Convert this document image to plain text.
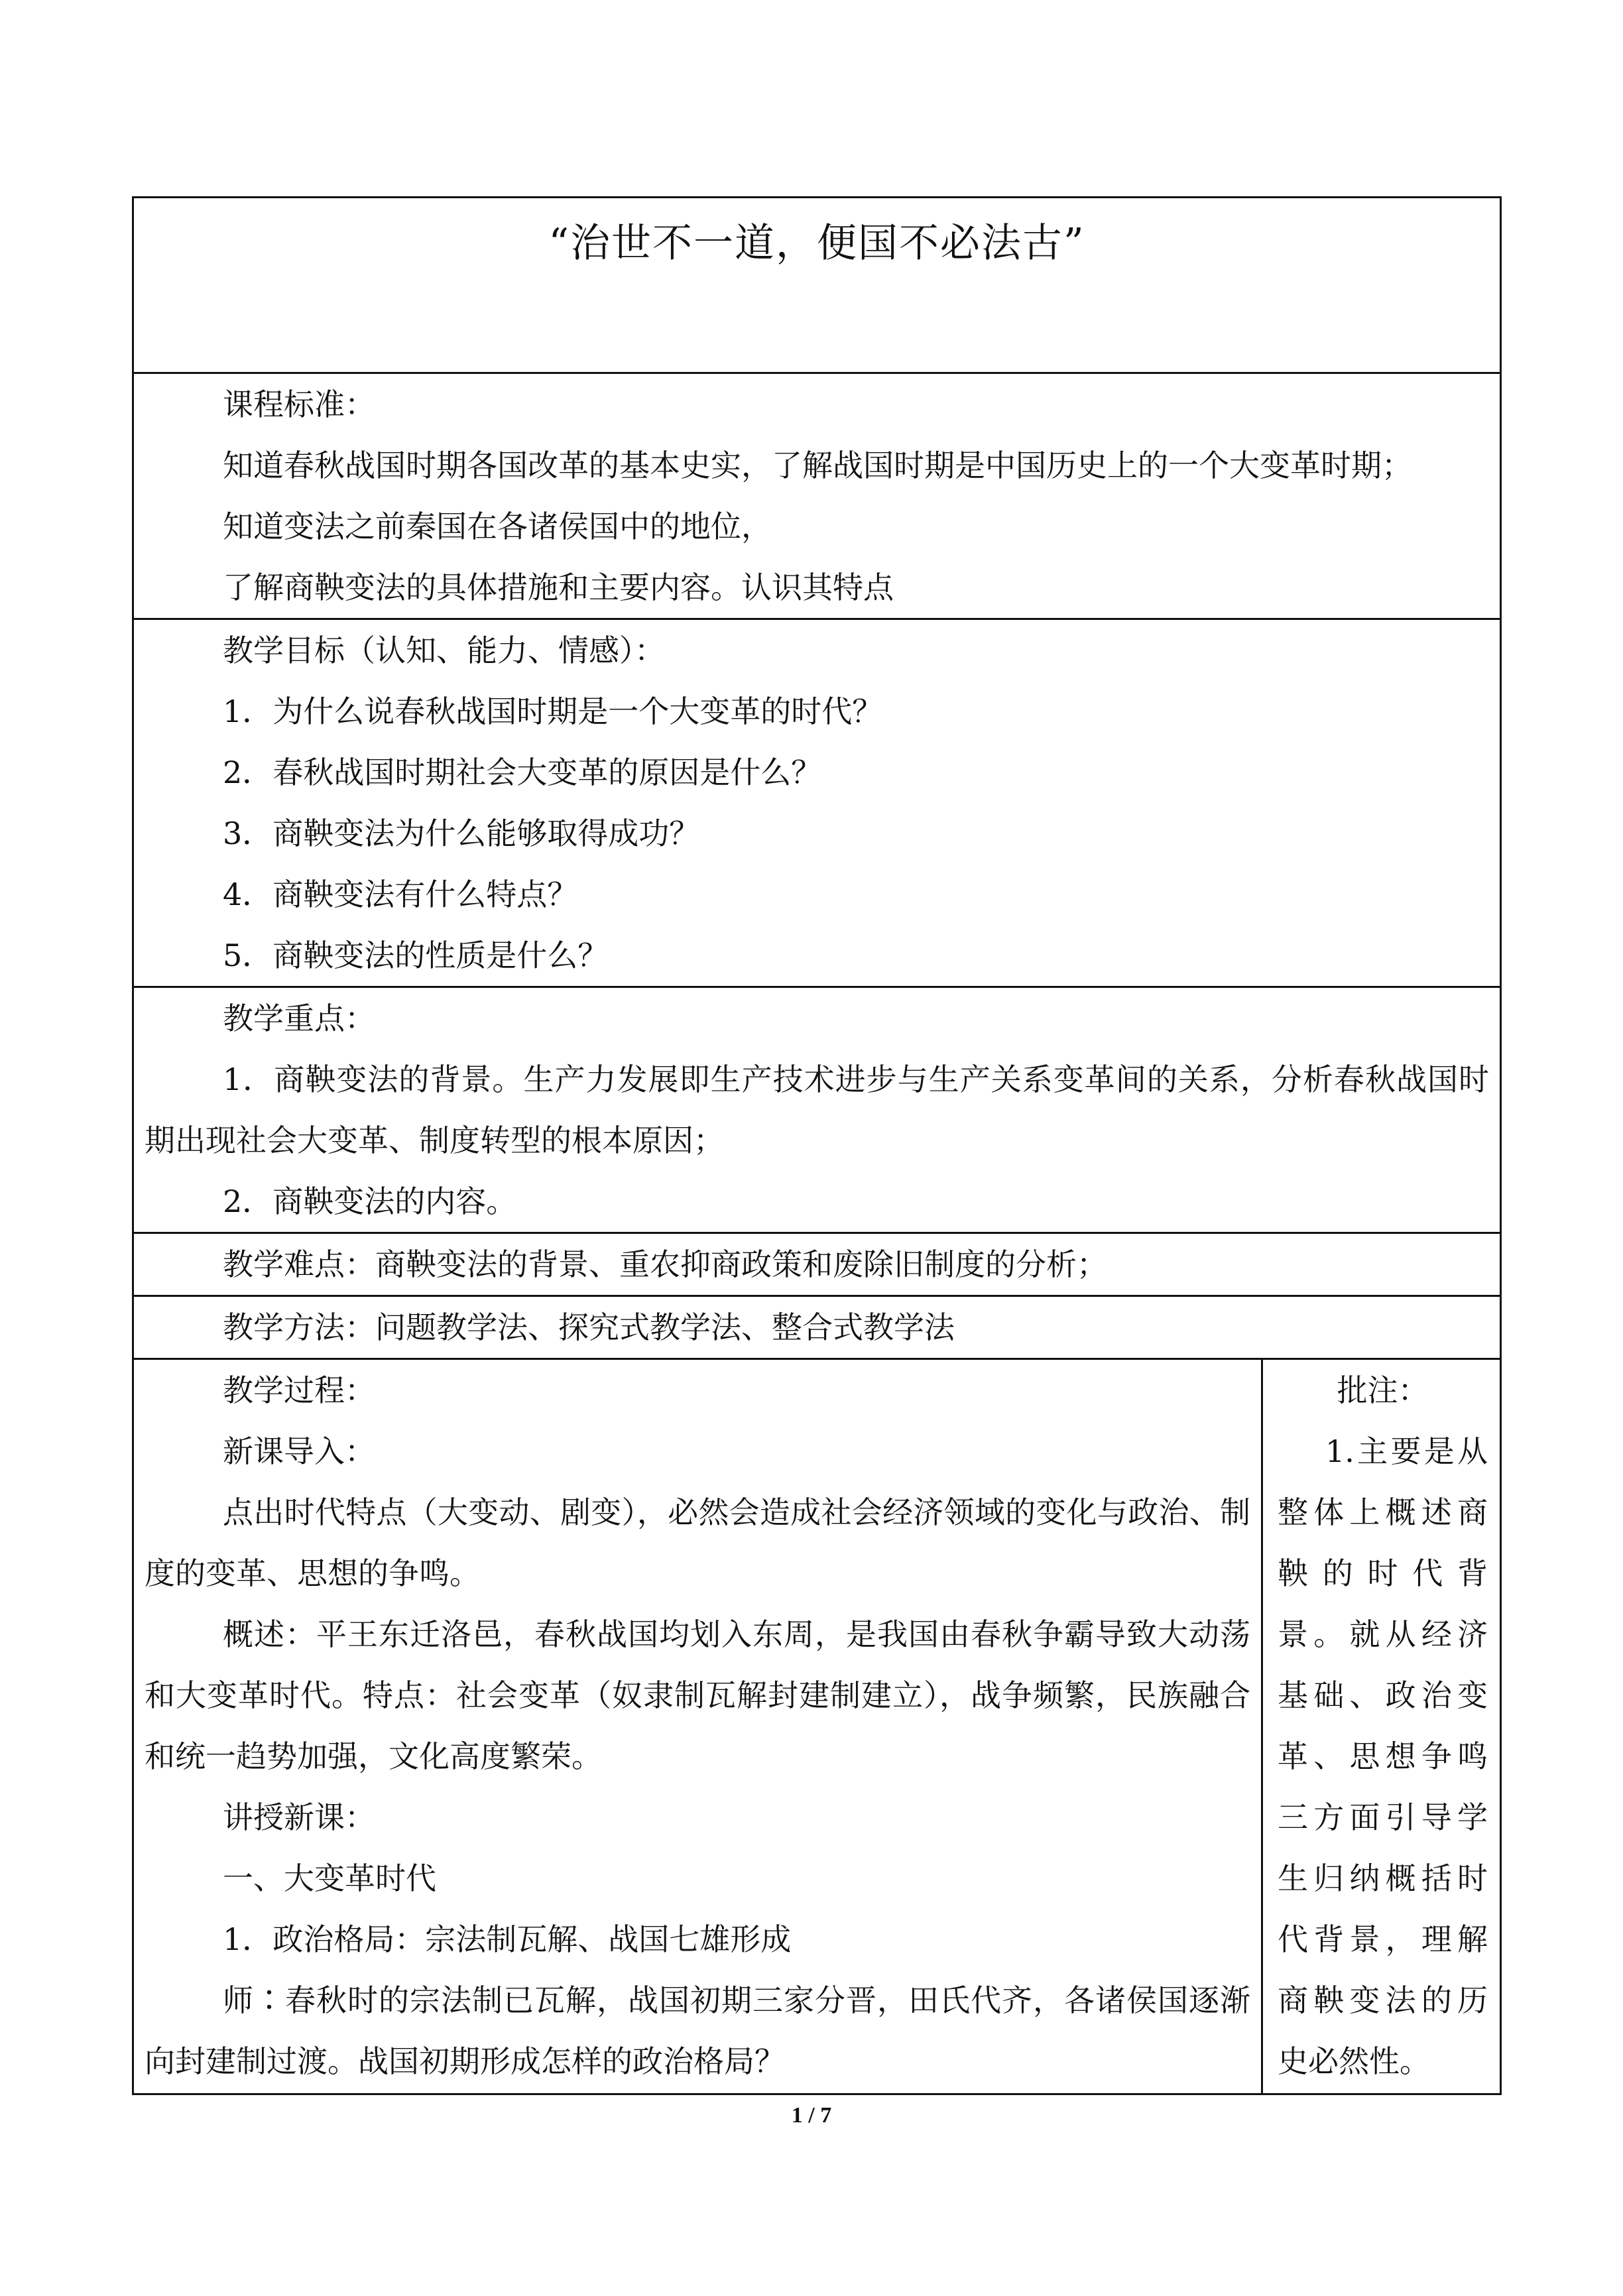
“治世不一道，便国不必法古”

课程标准：
知道春秋战国时期各国改革的基本史实，了解战国时期是中国历史上的一个大变革时期；
知道变法之前秦国在各诸侯国中的地位，
了解商鞅变法的具体措施和主要内容。认识其特点

教学目标（认知、能力、情感）：
1．为什么说春秋战国时期是一个大变革的时代？
2．春秋战国时期社会大变革的原因是什么？
3．商鞅变法为什么能够取得成功？
4．商鞅变法有什么特点？
5．商鞅变法的性质是什么？

教学重点：
1．商鞅变法的背景。生产力发展即生产技术进步与生产关系变革间的关系，分析春秋战国时期出现社会大变革、制度转型的根本原因；
2．商鞅变法的内容。

教学难点：商鞅变法的背景、重农抑商政策和废除旧制度的分析；

教学方法：问题教学法、探究式教学法、整合式教学法

教学过程：
新课导入：
点出时代特点（大变动、剧变），必然会造成社会经济领域的变化与政治、制度的变革、思想的争鸣。
概述：平王东迁洛邑，春秋战国均划入东周，是我国由春秋争霸导致大动荡和大变革时代。特点：社会变革（奴隶制瓦解封建制建立），战争频繁，民族融合和统一趋势加强，文化高度繁荣。
讲授新课：
一、大变革时代
1．政治格局：宗法制瓦解、战国七雄形成
师∶春秋时的宗法制已瓦解，战国初期三家分晋，田氏代齐，各诸侯国逐渐向封建制过渡。战国初期形成怎样的政治格局？

批注：
1.主要是从整体上概述商鞅的时代背景。就从经济基础、政治变革、思想争鸣三方面引导学生归纳概括时代背景，理解商鞅变法的历史必然性。
1 / 7
